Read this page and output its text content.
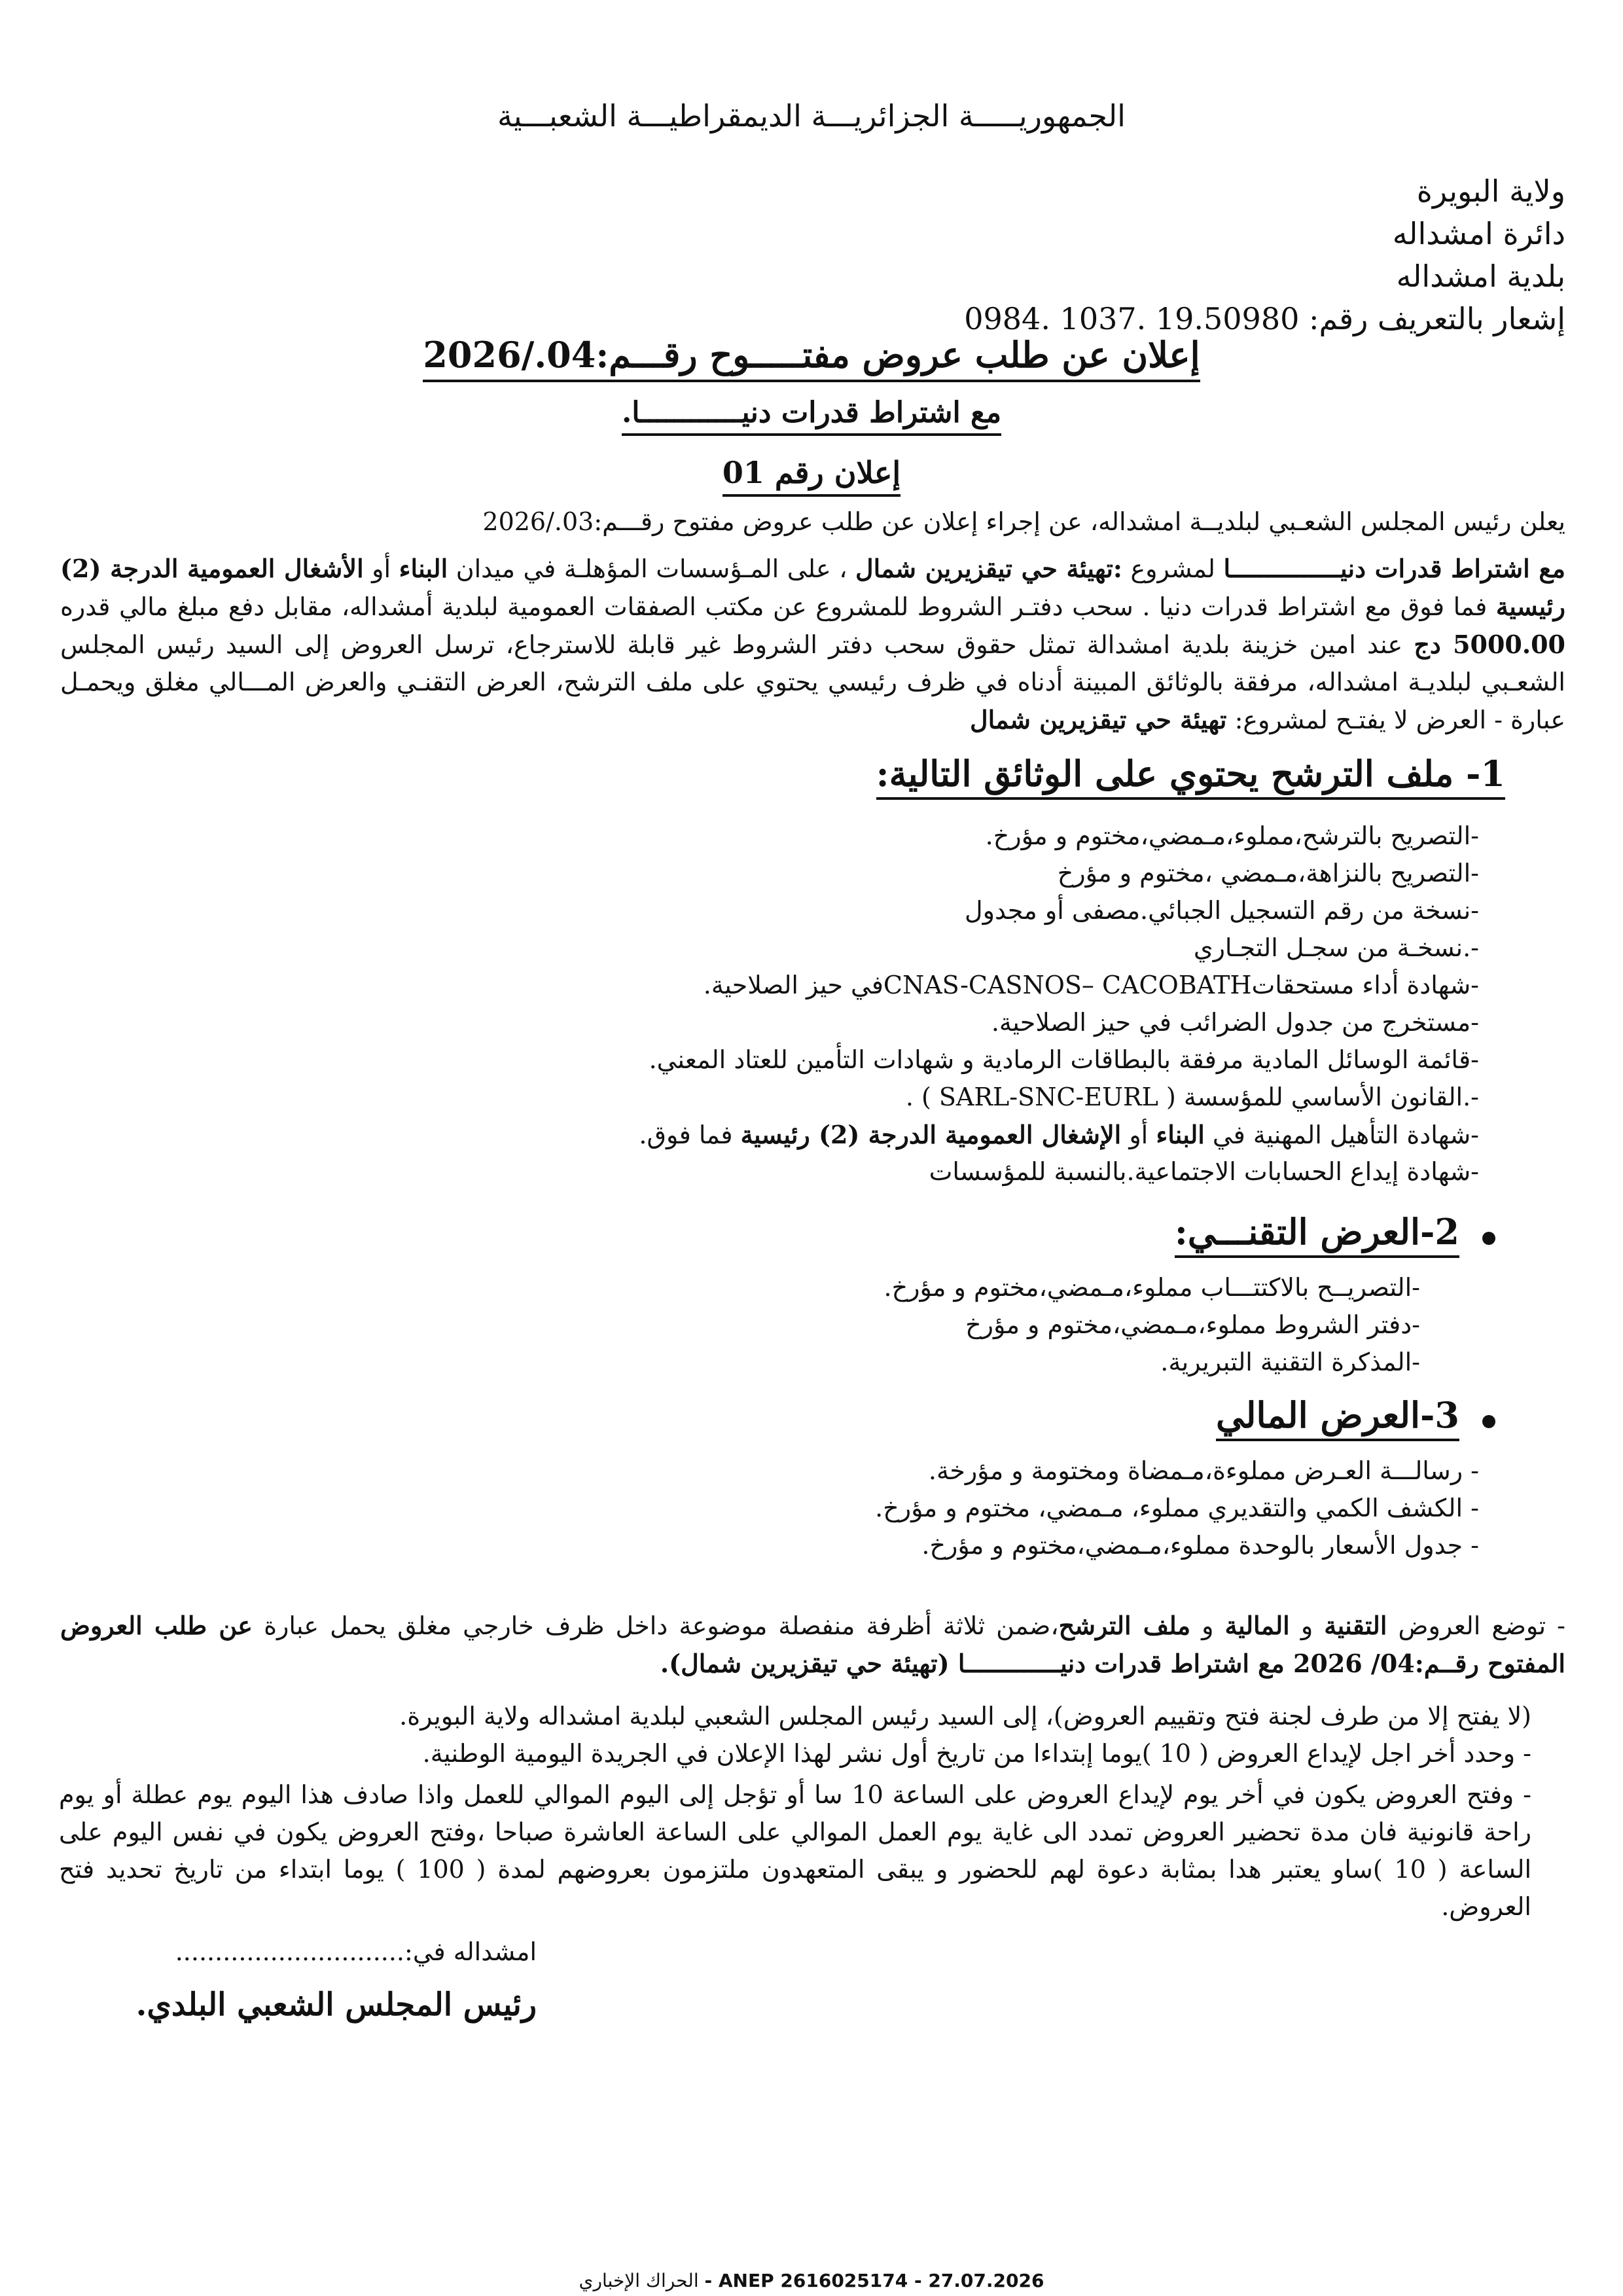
الجمهوريـــــة الجزائريـــة الديمقراطيـــة الشعبـــية
ولاية البويرة
دائرة امشداله
بلدية امشداله
إشعار بالتعريف رقم: 0984. 1037. 19.50980
إعلان عن طلب عروض مفتـــــوح رقـــم:2026/.04
مع اشتراط قدرات دنيــــــــــــا.
إعلان رقم 01
يعلن رئيس المجلس الشعـبي لبلديــة امشداله، عن إجراء إعلان عن طلب عروض مفتوح رقـــم:2026/.03
مع اشتراط قدرات دنيـــــــــــــــا لمشروع :تهيئة حي تيقزيرين شمال ، على المـؤسسات المؤهلـة في ميدان البناء أو الأشغال العمومية الدرجة (2) رئيسية فما فوق مع اشتراط قدرات دنيا . سحب دفتـر الشروط للمشروع عن مكتب الصفقات العمومية لبلدية أمشداله، مقابل دفع مبلغ مالي قدره 5000.00 دج عند امين خزينة بلدية امشدالة تمثل حقوق سحب دفتر الشروط غير قابلة للاسترجاع، ترسل العروض إلى السيد رئيس المجلس الشعـبي لبلديـة امشداله، مرفقة بالوثائق المبينة أدناه في ظرف رئيسي يحتوي على ملف الترشح، العرض التقنـي والعرض المـــالي مغلق ويحمـل عبارة - العرض لا يفتـح لمشروع: تهيئة حي تيقزيرين شمال
1- ملف الترشح يحتوي على الوثائق التالية:
-التصريح بالترشح،مملوء،مـمضي،مختوم و مؤرخ.
-التصريح بالنزاهة،مـمضي ،مختوم و مؤرخ
-نسخة من رقم التسجيل الجبائي.مصفى أو مجدول
-.نسخـة من سجـل التجـاري
-شهادة أداء مستحقاتCNAS-CASNOS– CACOBATHفي حيز الصلاحية.
-مستخرج من جدول الضرائب في حيز الصلاحية.
-قائمة الوسائل المادية مرفقة بالبطاقات الرمادية و شهادات التأمين للعتاد المعني.
-.القانون الأساسي للمؤسسة ( SARL-SNC-EURL ) .
-شهادة التأهيل المهنية في البناء أو الإشغال العمومية الدرجة (2) رئيسية فما فوق.
-شهادة إيداع الحسابات الاجتماعية.بالنسبة للمؤسسات
2-العرض التقنـــي:
-التصريــح بالاكتتـــاب مملوء،مـمضي،مختوم و مؤرخ.
-دفتر الشروط مملوء،مـمضي،مختوم و مؤرخ
-المذكرة التقنية التبريرية.
3-العرض المالي
- رسالـــة العـرض مملوءة،مـمضاة ومختومة و مؤرخة.
- الكشف الكمي والتقديري مملوء، مـمضي، مختوم و مؤرخ.
- جدول الأسعار بالوحدة مملوء،مـمضي،مختوم و مؤرخ.
- توضع العروض التقنية و المالية و ملف الترشح،ضمن ثلاثة أظرفة منفصلة موضوعة داخل ظرف خارجي مغلق يحمل عبارة عن طلب العروض المفتوح رقــم:04/ 2026 مع اشتراط قدرات دنيـــــــــــــا (تهيئة حي تيقزيرين شمال).
(لا يفتح إلا من طرف لجنة فتح وتقييم العروض)، إلى السيد رئيس المجلس الشعبي لبلدية امشداله ولاية البويرة.
- وحدد أخر اجل لإيداع العروض ( 10 )يوما إبتداءا من تاريخ أول نشر لهذا الإعلان في الجريدة اليومية الوطنية.
- وفتح العروض يكون في أخر يوم لإيداع العروض على الساعة 10 سا أو تؤجل إلى اليوم الموالي للعمل واذا صادف هذا اليوم يوم عطلة أو يوم راحة قانونية فان مدة تحضير العروض تمدد الى غاية يوم العمل الموالي على الساعة العاشرة صباحا ،وفتح العروض يكون في نفس اليوم على الساعة ( 10 )ساو يعتبر هدا بمثابة دعوة لهم للحضور و يبقى المتعهدون ملتزمون بعروضهم لمدة ( 100 ) يوما ابتداء من تاريخ تحديد فتح العروض.
امشداله في:.............................
رئيس المجلس الشعبي البلدي.
الحراك الإخباري - ANEP 2616025174 - 27.07.2026
